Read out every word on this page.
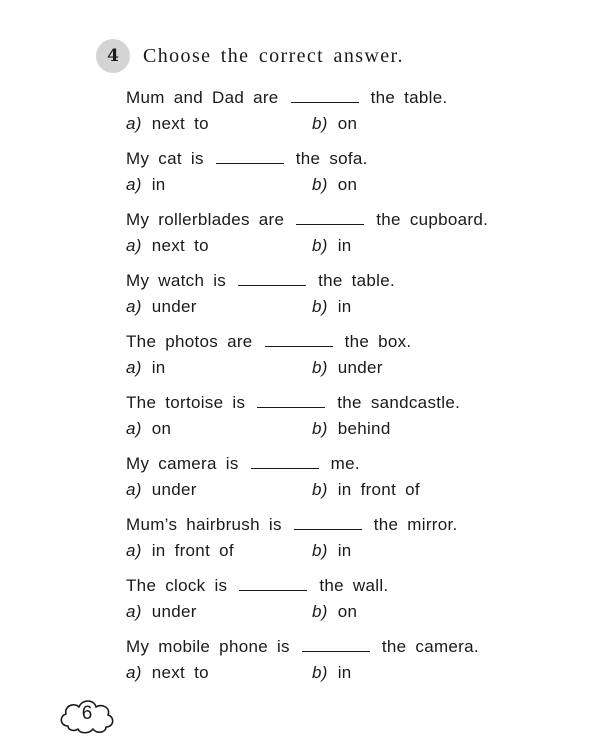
4	Choose the correct answer.
Mum and Dad are	the table.
a) next to	b) on
My cat is	the sofa.
a) in	b) on
My rollerblades are	the cupboard.
a) next to	b) in
My watch is	the table.
a) under	b) in
The photos are	the box.
a) in	b) under
The tortoise is	the sandcastle.
a) on	b) behind
My camera is	me.
a) under	b) in front of
Mum’s hairbrush is	the mirror.
a) in front of	b) in
The clock is	the wall.
a) under	b) on
My mobile phone is	the camera.
a) next to	b) in
6
